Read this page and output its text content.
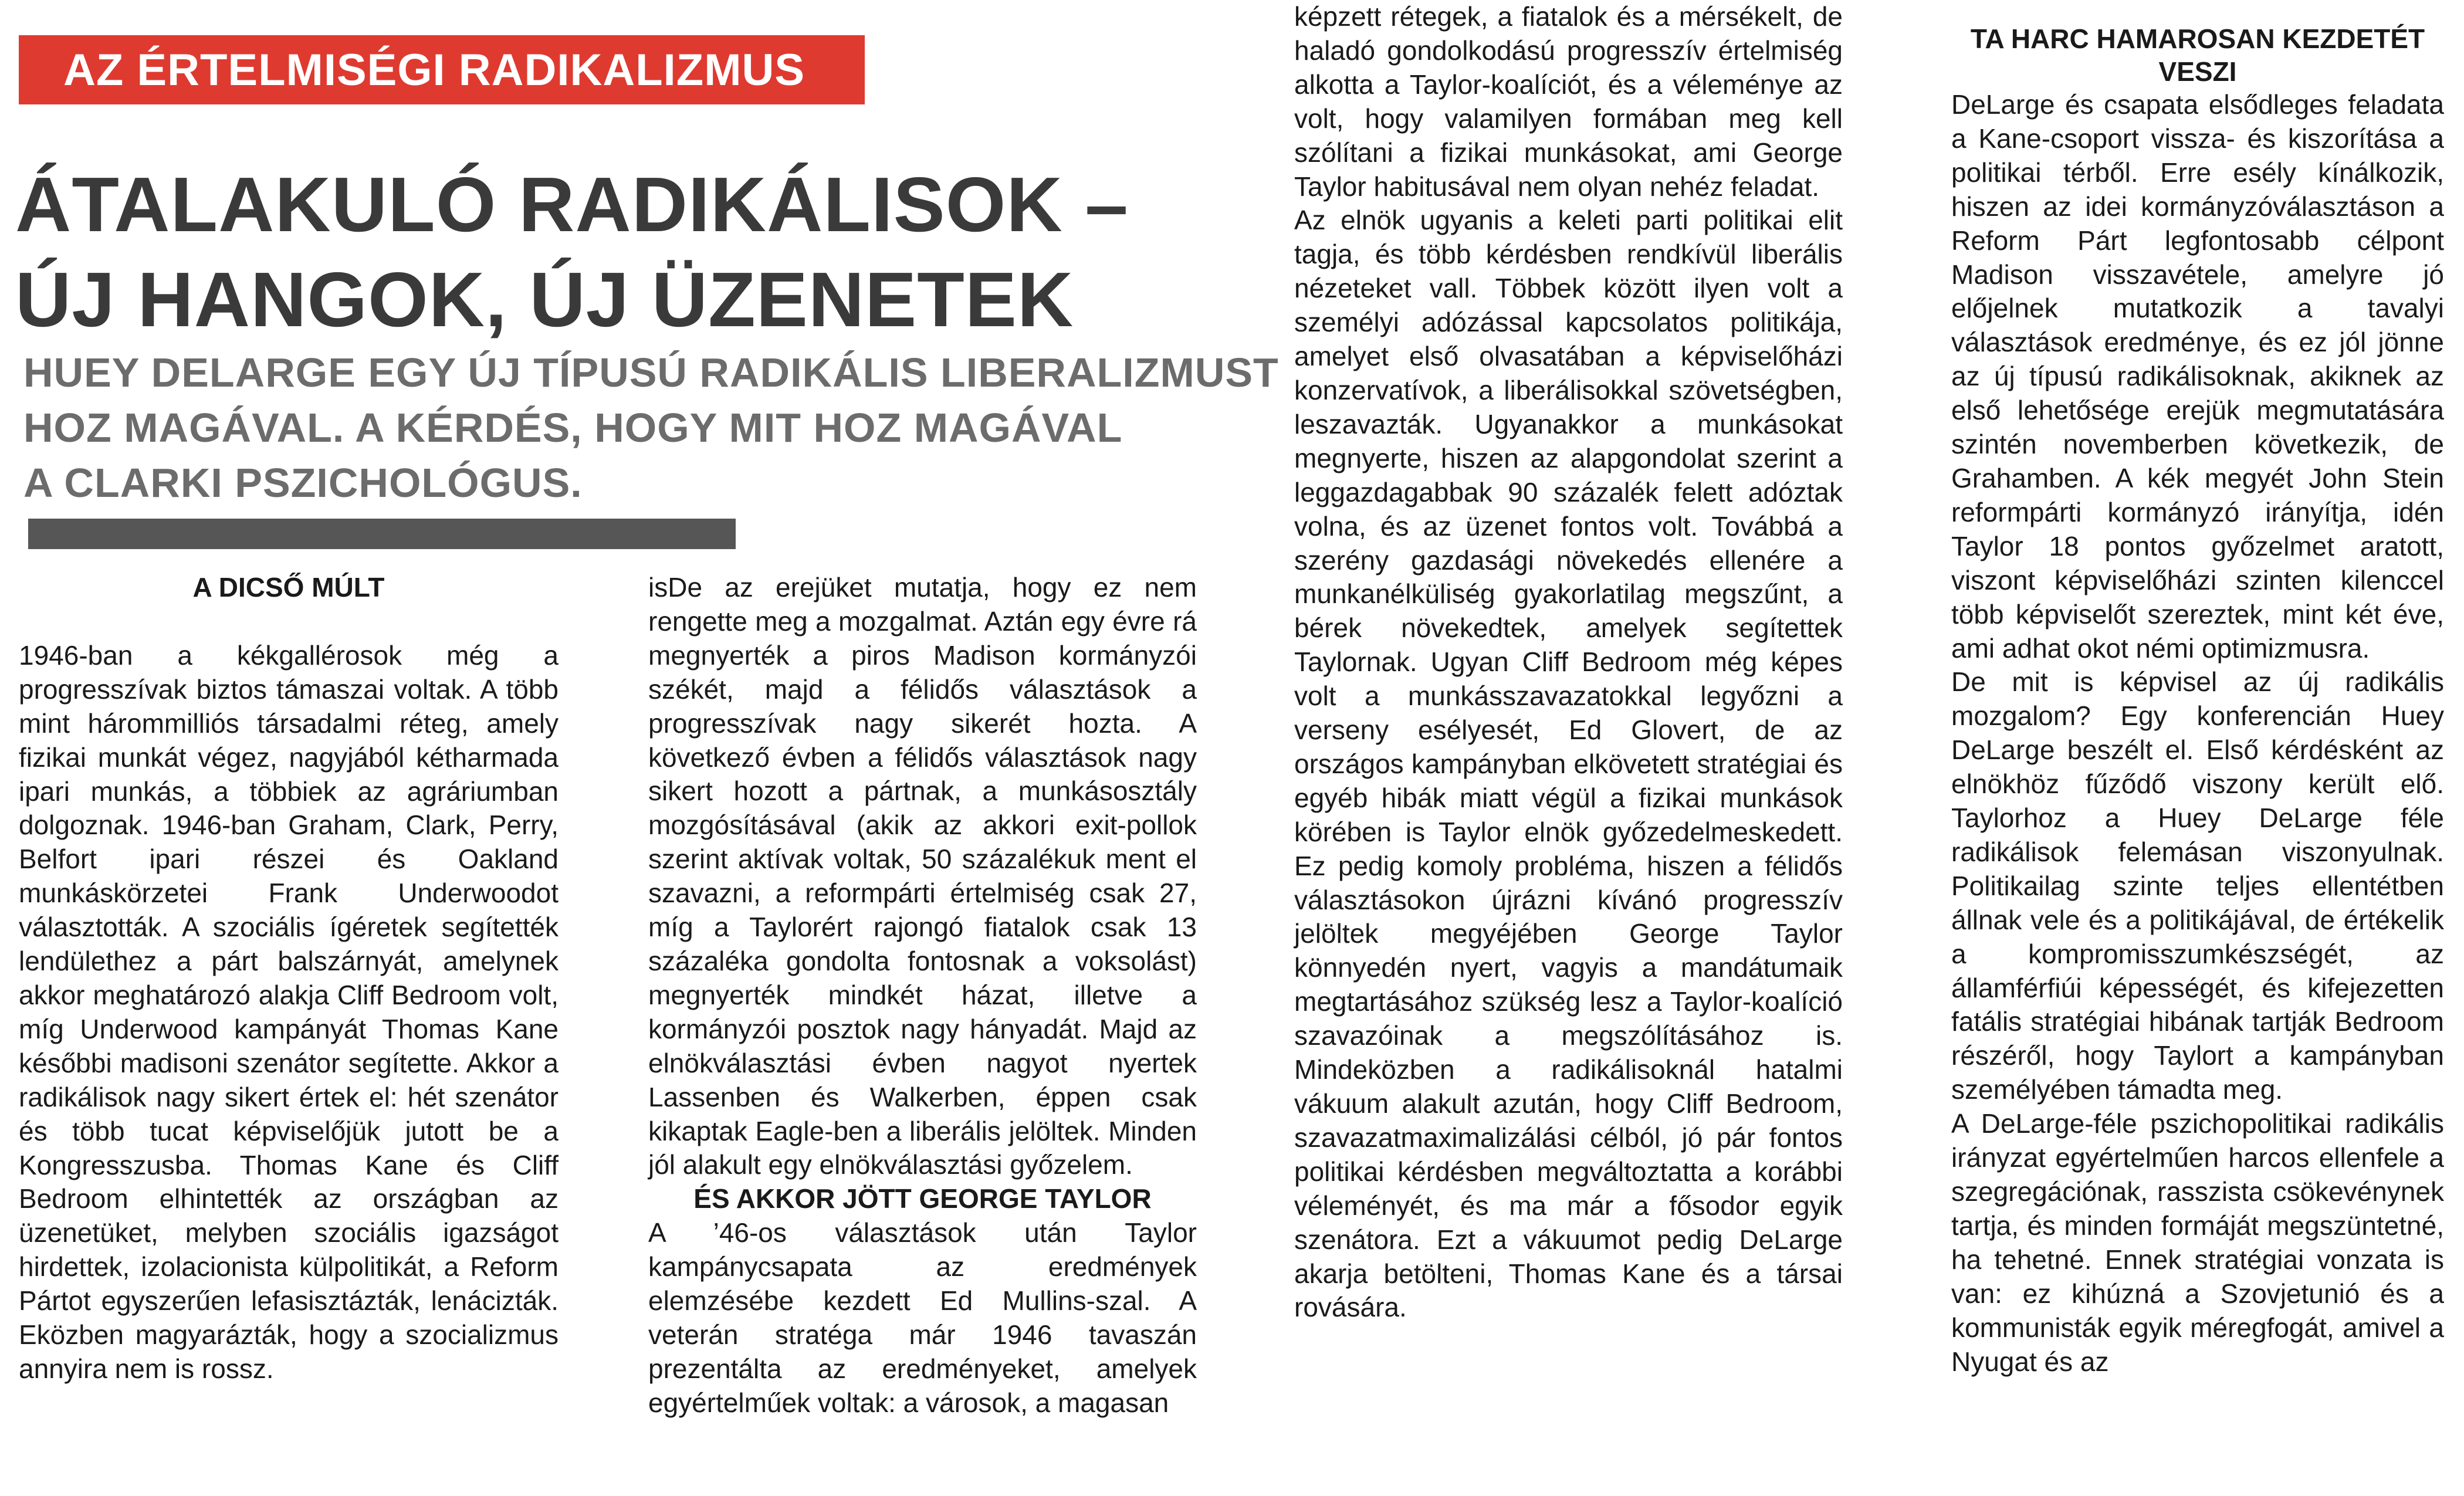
AZ ÉRTELMISÉGI RADIKALIZMUS
ÁTALAKULÓ RADIKÁLISOK –
ÚJ HANGOK, ÚJ ÜZENETEK
HUEY DELARGE EGY ÚJ TÍPUSÚ RADIKÁLIS LIBERALIZMUST
HOZ MAGÁVAL. A KÉRDÉS, HOGY MIT HOZ MAGÁVAL
A CLARKI PSZICHOLÓGUS.
A DICSŐ MÚLT

1946-ban a kékgallérosok még a progresszívak biztos támaszai voltak. A több mint hárommilliós társadalmi réteg, amely fizikai munkát végez, nagyjából kétharmada ipari munkás, a többiek az agráriumban dolgoznak. 1946-ban Graham, Clark, Perry, Belfort ipari részei és Oakland munkáskörzetei Frank Underwoodot választották. A szociális ígéretek segítették lendülethez a párt balszárnyát, amelynek akkor meghatározó alakja Cliff Bedroom volt, míg Underwood kampányát Thomas Kane későbbi madisoni szenátor segítette. Akkor a radikálisok nagy sikert értek el: hét szenátor és több tucat képviselőjük jutott be a Kongresszusba. Thomas Kane és Cliff Bedroom elhintették az országban az üzenetüket, melyben szociális igazságot hirdettek, izolacionista külpolitikát, a Reform Pártot egyszerűen lefasisztázták, lenácizták. Eközben magyarázták, hogy a szocializmus annyira nem is rossz.

isDe az erejüket mutatja, hogy ez nem rengette meg a mozgalmat. Aztán egy évre rá megnyerték a piros Madison kormányzói székét, majd a félidős választások a progresszívak nagy sikerét hozta. A következő évben a félidős választások nagy sikert hozott a pártnak, a munkásosztály mozgósításával (akik az akkori exit-pollok szerint aktívak voltak, 50 százalékuk ment el szavazni, a reformpárti értelmiség csak 27, míg a Taylorért rajongó fiatalok csak 13 százaléka gondolta fontosnak a voksolást) megnyerték mindkét házat, illetve a kormányzói posztok nagy hányadát. Majd az elnökválasztási évben nagyot nyertek Lassenben és Walkerben, éppen csak kikaptak Eagle-ben a liberális jelöltek. Minden jól alakult egy elnökválasztási győzelem.

ÉS AKKOR JÖTT GEORGE TAYLOR

A ’46-os választások után Taylor kampánycsapata az eredmények elemzésébe kezdett Ed Mullins-szal. A veterán stratéga már 1946 tavaszán prezentálta az eredményeket, amelyek egyértelműek voltak: a városok, a magasan

képzett rétegek, a fiatalok és a mérsékelt, de haladó gondolkodású progresszív értelmiség alkotta a Taylor-koalíciót, és a véleménye az volt, hogy valamilyen formában meg kell szólítani a fizikai munkásokat, ami George Taylor habitusával nem olyan nehéz feladat.

Az elnök ugyanis a keleti parti politikai elit tagja, és több kérdésben rendkívül liberális nézeteket vall. Többek között ilyen volt a személyi adózással kapcsolatos politikája, amelyet első olvasatában a képviselőházi konzervatívok, a liberálisokkal szövetségben, leszavazták. Ugyanakkor a munkásokat megnyerte, hiszen az alapgondolat szerint a leggazdagabbak 90 százalék felett adóztak volna, és az üzenet fontos volt. Továbbá a szerény gazdasági növekedés ellenére a munkanélküliség gyakorlatilag megszűnt, a bérek növekedtek, amelyek segítettek Taylornak. Ugyan Cliff Bedroom még képes volt a munkásszavazatokkal legyőzni a verseny esélyesét, Ed Glovert, de az országos kampányban elkövetett stratégiai és egyéb hibák miatt végül a fizikai munkások körében is Taylor elnök győzedelmeskedett. Ez pedig komoly probléma, hiszen a félidős választásokon újrázni kívánó progresszív jelöltek megyéjében George Taylor könnyedén nyert, vagyis a mandátumaik megtartásához szükség lesz a Taylor-koalíció szavazóinak a megszólításához is. Mindeközben a radikálisoknál hatalmi vákuum alakult azután, hogy Cliff Bedroom, szavazatmaximalizálási célból, jó pár fontos politikai kérdésben megváltoztatta a korábbi véleményét, és ma már a fősodor egyik szenátora. Ezt a vákuumot pedig DeLarge akarja betölteni, Thomas Kane és a társai rovására.

TA HARC HAMAROSAN KEZDETÉT
VESZI

DeLarge és csapata elsődleges feladata a Kane-csoport vissza- és kiszorítása a politikai térből. Erre esély kínálkozik, hiszen az idei kormányzóválasztáson a Reform Párt legfontosabb célpont Madison visszavétele, amelyre jó előjelnek mutatkozik a tavalyi választások eredménye, és ez jól jönne az új típusú radikálisoknak, akiknek az első lehetősége erejük megmutatására szintén novemberben következik, de Grahamben. A kék megyét John Stein reformpárti kormányzó irányítja, idén Taylor 18 pontos győzelmet aratott, viszont képviselőházi szinten kilenccel több képviselőt szereztek, mint két éve, ami adhat okot némi optimizmusra.

De mit is képvisel az új radikális mozgalom? Egy konferencián Huey DeLarge beszélt el. Első kérdésként az elnökhöz fűződő viszony került elő. Taylorhoz a Huey DeLarge féle radikálisok felemásan viszonyulnak. Politikailag szinte teljes ellentétben állnak vele és a politikájával, de értékelik a kompromisszumkészségét, az államférfiúi képességét, és kifejezetten fatális stratégiai hibának tartják Bedroom részéről, hogy Taylort a kampányban személyében támadta meg.

A DeLarge-féle pszichopolitikai radikális irányzat egyértelműen harcos ellenfele a szegregációnak, rasszista csökevénynek tartja, és minden formáját megszüntetné, ha tehetné. Ennek stratégiai vonzata is van: ez kihúzná a Szovjetunió és a kommunisták egyik méregfogát, amivel a Nyugat és az
